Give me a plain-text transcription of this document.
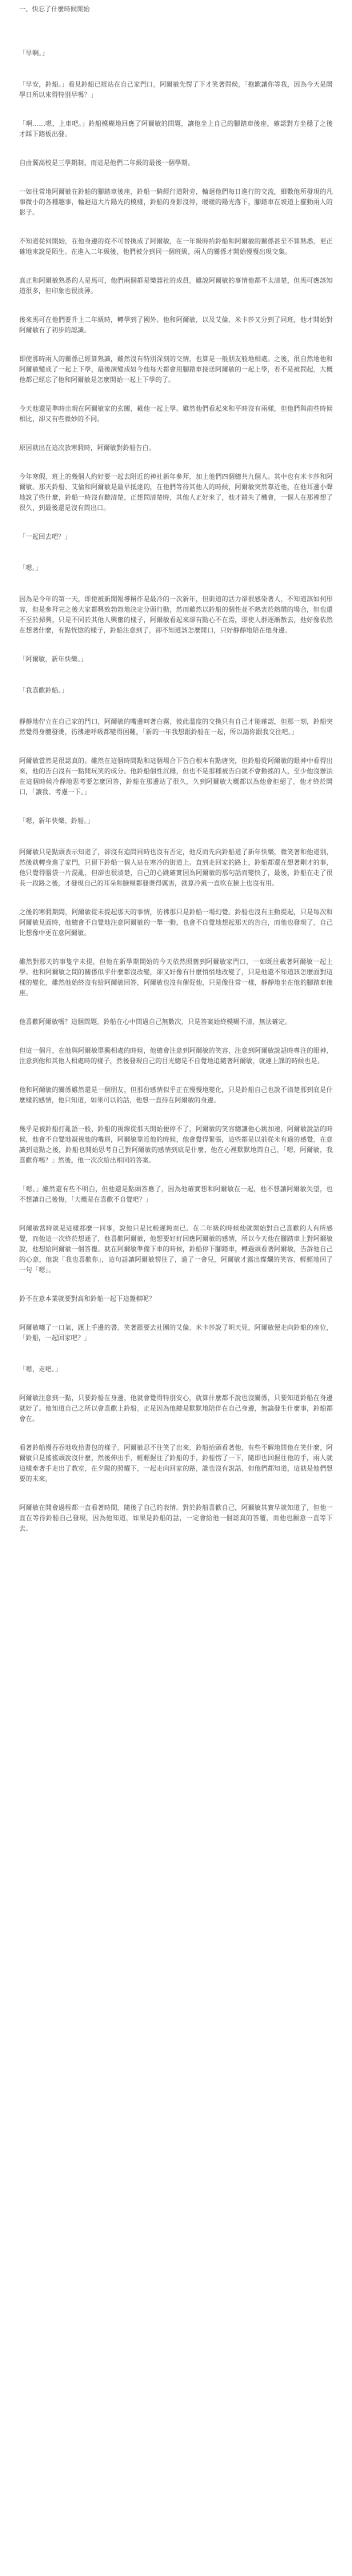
一、快忘了什麼時候開始
「早啊。」
「早安，鈴船。」看見鈴船已經站在自己家門口，阿爾敏先愣了下才笑著問候，「抱歉讓你等我，因為今天是開學日所以來得特別早嗎？」
「啊……嗯，上車吧。」鈴船模糊地回應了阿爾敏的問題，讓他坐上自己的腳踏車後座，確認對方坐穩了之後才踩下踏板出發。
自由翼高校是三學期制，而這是他們二年級的最後一個學期。
一如往常地阿爾敏在鈴船的腳踏車後座，鈴船一騎經行道附旁，輪迴他們每日進行的交流，細數他所發現的凡事微小的各種趣事，輪迴這大片陽光的模樣，鈴船的身影沒停，暖暖的陽光落下，腳踏車在坡道上擺動兩人的影子。
不知道從何開始，在他身邊的從不可替換成了阿爾敏，在一年級時約鈴船和阿爾敏的關係甚至不算熟悉，更正確地來說是陌生。在進入二年級後，他們被分到同一個班級，兩人的關係才開始慢慢出現交集。
真正和阿爾敏熟悉的人是馬可，他們兩個都是樂器社的成員，雖說阿爾敏的事情他都不太清楚，但馬可應該知道很多，但印象也很淡薄。
後來馬可在他們要升上二年級時，轉學到了國外。他和阿爾敏，以及艾倫、米卡莎又分到了同班，他才開始對阿爾敏有了初步的認識。
即使那時兩人的關係已經算熟識，雖然沒有特別深刻的交情，也算是一般朋友般地相處。之後，很自然地他和阿爾敏變成了一起上下學，最後演變成如今他每天都會用腳踏車接送阿爾敏的一起上學，若不是被問起，大概他都已經忘了他和阿爾敏是怎麼開始一起上下學的了。
今天他還是準時出現在阿爾敏家的玄關，載他一起上學。雖然他們看起來和平時沒有兩樣，但他們與前些時候相比，卻又有些微妙的不同。
原因就出在這次放寒假時，阿爾敏對鈴船告白。
今年寒假，班上的幾個人約好要一起去附近的神社新年參拜，加上他們四個總共九個人。其中也有米卡莎和阿爾敏。那天鈴船、艾倫和阿爾敏是最早抵達的，在他們等待其他人的時候，阿爾敏突然靠近他，在他耳邊小聲地說了些什麼，鈴船一時沒有聽清楚，正想問清楚時，其他人正好來了，他才錯失了機會，一個人在那裡想了很久，到最後還是沒有問出口。
「一起回去吧？」
「嗯。」
因為是今年的第一天，即使被新聞報導稱作是最冷的一次新年，但街道的活力卻很感染著人，不知道該如何形容，但是參拜完之後大家都興致勃勃地決定分頭行動，然而雖然以鈴船的個性並不熱衷於熱鬧的場合，但也還不至於掃興，只是不同於其他人興奮的樣子，阿爾敏看起來卻有點心不在焉，即使人群逐漸散去，他好像依然在想著什麼，有點恍惚的樣子，鈴船注意到了，卻不知道該怎麼開口，只好靜靜地陪在他身邊。
「阿爾敏，新年快樂。」
「我喜歡鈴船。」
靜靜地佇立在自己家的門口，阿爾敏的嘴邊呵著白霧，彼此溫度的交換只有自己才能確認，但那一刻，鈴船突然覺得身體發燙，彷彿連呼吸都變得困難，「新的一年我想跟鈴船在一起，所以請你跟我交往吧。」
阿爾敏當然是很認真的。雖然在這個時間點和這個場合下告白根本有點唐突，但鈴船從阿爾敏的眼神中看得出來，他的告白沒有一點開玩笑的成分。他鈴船個性沉穩，但也不是那種被告白就不會動搖的人，至少他沒辦法在這個時候冷靜地思考要怎麼回答，鈴船在那邊站了很久，久到阿爾敏大概都以為他會拒絕了，他才終於開口，「讓我、考慮一下。」
「嗯，新年快樂，鈴船。」
阿爾敏只是點頭表示知道了，卻沒有追問同時也沒有否定，他反而先向鈴船道了新年快樂，微笑著和他道別，然後就轉身進了家門，只留下鈴船一個人站在寒冷的街道上。直到走回家的路上，鈴船都還在想著剛才的事，他只覺得腦袋一片混亂，但卻也很清楚，自己的心跳確實因為阿爾敏的那句話而變快了，最後，鈴船在走了很長一段路之後，才發現自己的耳朵和臉頰都發燙得厲害，就算冷風一直吹在臉上也沒有用。
之後的寒假期間，阿爾敏從未提起那天的事情，彷彿那只是鈴船一場幻覺。鈴船也沒有主動提起，只是每次和阿爾敏見面時，他總會不自覺地注意阿爾敏的一舉一動，也會不自覺地想起那天的告白，而他也發現了，自己比想像中更在意阿爾敏。
雖然對那天的事隻字未提，但他在新學期開始的今天依然照舊到阿爾敏家門口，一如既往載著阿爾敏一起上學。他和阿爾敏之間的關係似乎什麼都沒改變，卻又好像有什麼悄悄地改變了，只是他還不知道該怎麼面對這樣的變化，雖然他始終沒有給阿爾敏回答，阿爾敏也沒有催促他，只是像往常一樣，靜靜地坐在他的腳踏車後座。
他喜歡阿爾敏嗎？這個問題，鈴船在心中問過自己無數次，只是答案始終模糊不清，無法確定。
但這一個月，在他與阿爾敏單獨相處的時候，他總會注意到阿爾敏的笑容，注意到阿爾敏說話時專注的眼神，注意到他和其他人相處時的樣子，然後發現自己的目光總是不自覺地追隨著阿爾敏，就連上課的時候也是。
他和阿爾敏的關係雖然還是一個朋友，但那份感情似乎正在慢慢地變化，只是鈴船自己也說不清楚那到底是什麼樣的感情，他只知道，如果可以的話，他想一直待在阿爾敏的身邊。
幾乎是被鈴船打亂語一般，鈴船的視線從那天開始便停不了，阿爾敏的笑容總讓他心跳加速，阿爾敏說話的時候，他會不自覺地凝視他的嘴唇，阿爾敏靠近他的時候，他會覺得緊張，這些都是以前從未有過的感覺，在意識到這點之後，鈴船也開始思考自己對阿爾敏的感情到底是什麼，他在心裡默默地問自己，「嗯，阿爾敏，我喜歡你嗎？」然後，他一次次給出相同的答案。
「嗯。」雖然還有些不明白，但他還是點頭答應了，因為他確實想和阿爾敏在一起，他不想讓阿爾敏失望，也不想讓自己後悔，「大概是在喜歡不自覺吧？」
阿爾敏當時就是這樣那麼一回事，說他只是比較遲鈍而已。在二年級的時候他就開始對自己喜歡的人有所感覺，而他這一次終於想通了，他喜歡阿爾敏，他想要好好回應阿爾敏的感情，所以今天他在腳踏車上對阿爾敏說，他想給阿爾敏一個答覆。就在阿爾敏準備下車的時候，鈴船停下腳踏車，轉過頭看著阿爾敏，告訴他自己的心意，他說「我也喜歡你」，這句話讓阿爾敏愣住了，過了一會兒，阿爾敏才露出燦爛的笑容，輕輕地回了一句「嗯」。
鈴不在意本業就要對高和鈴船一起下這盤棋呢？
阿爾敏嚷了一口氣，匯上手邊的書，笑著跟要去社團的艾倫、米卡莎說了明天見，阿爾敏便走向鈴船的座位，「鈴船，一起回家吧？」
「嗯，走吧。」
阿爾敏注意到一點，只要鈴船在身邊，他就會覺得特別安心，就算什麼都不說也沒關係，只要知道鈴船在身邊就好了。他知道自己之所以會喜歡上鈴船，正是因為他總是默默地陪伴在自己身邊，無論發生什麼事，鈴船都會在。
看著鈴船慢吞吞地收拾書包的樣子，阿爾敏忍不住笑了出來，鈴船抬頭看著他，有些不解地問他在笑什麼，阿爾敏只是搖搖頭說沒什麼，然後伸出手，輕輕握住了鈴船的手，鈴船愣了一下，隨即也回握住他的手，兩人就這樣牽著手走出了教室，在夕陽的照耀下，一起走向回家的路，誰也沒有說話，但他們都知道，這就是他們想要的未來。
阿爾敏在開會過程都一直看著時間，隨後了自己的表情。對於鈴船喜歡自己，阿爾敏其實早就知道了，但他一直在等待鈴船自己發現，因為他知道，如果是鈴船的話，一定會給他一個認真的答覆，而他也願意一直等下去。
